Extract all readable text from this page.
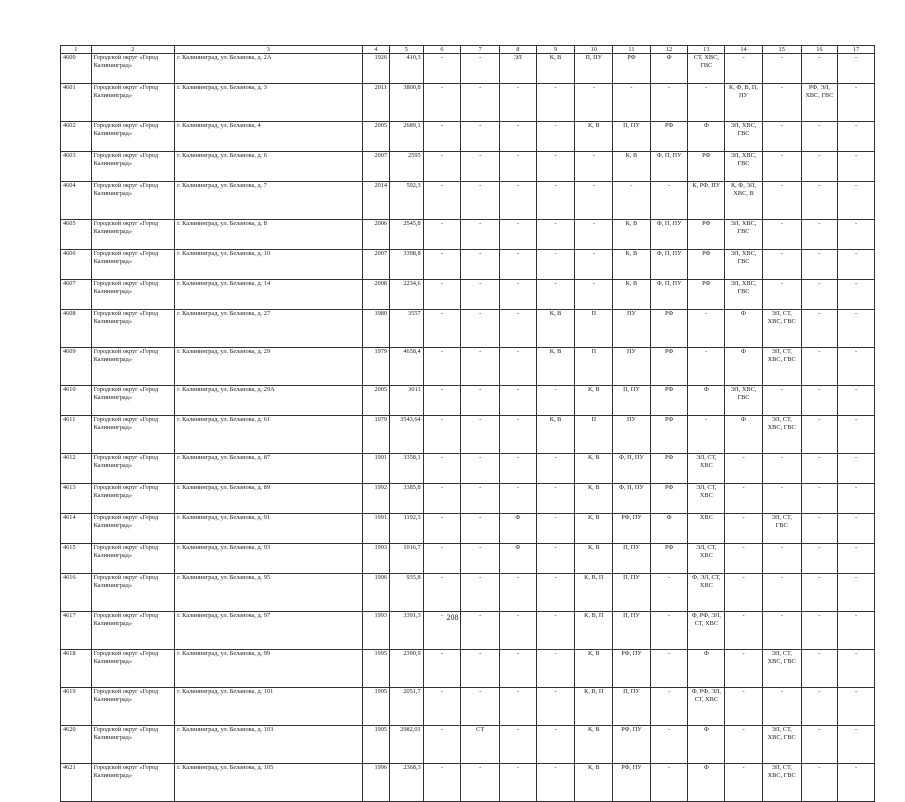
1	2	3	4	5	6	7	8	9	10	11	12	13	14	15	16	17
4600	Городской округ «Город Калининград»	г. Калининград, ул. Беланова, д. 2А	1926	410,3	-	-	ЭЛ	К, В	П, ПУ	РФ	Ф	СТ, ХВС, ГВС	-	-	-	-
4601	Городской округ «Город Калининград»	г. Калининград, ул. Беланова, д. 3	2011	3800,8	-	-	-	-	-	-	-	-	К, Ф, В, П, ПУ	-	РФ, ЭЛ, ХВС, ГВС	-
4602	Городской округ «Город Калининград»	г. Калининград, ул. Беланова, 4	2005	2689,1	-	-	-	-	К, В	П, ПУ	РФ	Ф	ЭЛ, ХВС, ГВС	-	-	-
4603	Городской округ «Город Калининград»	г. Калининград, ул. Беланова, д. 6	2007	2595	-	-	-	-	-	К, В	Ф, П, ПУ	РФ	ЭЛ, ХВС, ГВС	-	-	-
4604	Городской округ «Город Калининград»	г. Калининград, ул. Беланова, д. 7	2014	592,3	-	-	-	-	-	-	-	К, РФ, ПУ	К, Ф, ЭЛ, ХВС, В	-	-	-
4605	Городской округ «Город Калининград»	г. Калининград, ул. Беланова, д. 8	2006	2545,8	-	-	-	-	-	К, В	Ф, П, ПУ	РФ	ЭЛ, ХВС, ГВС	-	-	-
4606	Городской округ «Город Калининград»	г. Калининград, ул. Беланова, д. 10	2007	3398,8	-	-	-	-	-	К, В	Ф, П, ПУ	РФ	ЭЛ, ХВС, ГВС	-	-	-
4607	Городской округ «Город Калининград»	г. Калининград, ул. Беланова, д. 14	2008	2234,6	-	-	-	-	-	К, В	Ф, П, ПУ	РФ	ЭЛ, ХВС, ГВС	-	-	-
4608	Городской округ «Город Калининград»	г. Калининград, ул. Беланова, д. 27	1980	3557	-	-	-	К, В	П	ПУ	РФ	-	Ф	ЭЛ, СТ, ХВС, ГВС	-	-
4609	Городской округ «Город Калининград»	г. Калининград, ул. Беланова, д. 29	1979	4658,4	-	-	-	К, В	П	ПУ	РФ	-	Ф	ЭЛ, СТ, ХВС, ГВС	-	-
4610	Городской округ «Город Калининград»	г. Калининград, ул. Беланова, д. 29А	2005	3011	-	-	-	-	К, В	П, ПУ	РФ	Ф	ЭЛ, ХВС, ГВС	-	-	-
4611	Городской округ «Город Калининград»	г. Калининград, ул. Беланова, д. 61	1979	3543,64	-	-	-	К, В	П	ПУ	РФ	-	Ф	ЭЛ, СТ, ХВС, ГВС	-	-
4612	Городской округ «Город Калининград»	г. Калининград, ул. Беланова, д. 87	1991	3358,1	-	-	-	-	К, В	Ф, П, ПУ	РФ	ЭЛ, СТ, ХВС	-	-	-	-
4613	Городской округ «Город Калининград»	г. Калининград, ул. Беланова, д. 89	1992	3385,8	-	-	-	-	К, В	Ф, П, ПУ	РФ	ЭЛ, СТ, ХВС	-	-	-	-
4614	Городской округ «Город Калининград»	г. Калининград, ул. Беланова, д. 91	1991	1192,3	-	-	Ф	-	К, В	РФ, ПУ	Ф	ХВС	-	ЭЛ, СТ, ГВС	-	-
4615	Городской округ «Город Калининград»	г. Калининград, ул. Беланова, д. 93	1993	1016,7	-	-	Ф	-	К, В	П, ПУ	РФ	ЭЛ, СТ, ХВС	-	-	-	-
4616	Городской округ «Город Калининград»	г. Калининград, ул. Беланова, д. 95	1996	935,8	-	-	-	-	К, В, П	П, ПУ	-	Ф, ЭЛ, СТ, ХВС	-	-	-	-
4617	Городской округ «Город Калининград»	г. Калининград, ул. Беланова, д. 97	1993	3391,3	-	-	-	-	К, В, П	П, ПУ	-	Ф, РФ, ЭЛ, СТ, ХВС	-	-	-	-
4618	Городской округ «Город Калининград»	г. Калининград, ул. Беланова, д. 99	1995	2390,9	-	-	-	-	К, В	РФ, ПУ	-	Ф	-	ЭЛ, СТ, ХВС, ГВС	-	-
4619	Городской округ «Город Калининград»	г. Калининград, ул. Беланова, д. 101	1995	2051,7	-	-	-	-	К, В, П	П, ПУ	-	Ф, РФ, ЭЛ, СТ, ХВС	-	-	-	-
4620	Городской округ «Город Калининград»	г. Калининград, ул. Беланова, д. 103	1995	2982,01	-	СТ	-	-	К, В	РФ, ПУ	-	Ф	-	ЭЛ, СТ, ХВС, ГВС	-	-
4621	Городской округ «Город Калининград»	г. Калининград, ул. Беланова, д. 105	1996	2368,3	-	-	-	-	К, В	РФ, ПУ	-	Ф	-	ЭЛ, СТ, ХВС, ГВС	-	-
208
